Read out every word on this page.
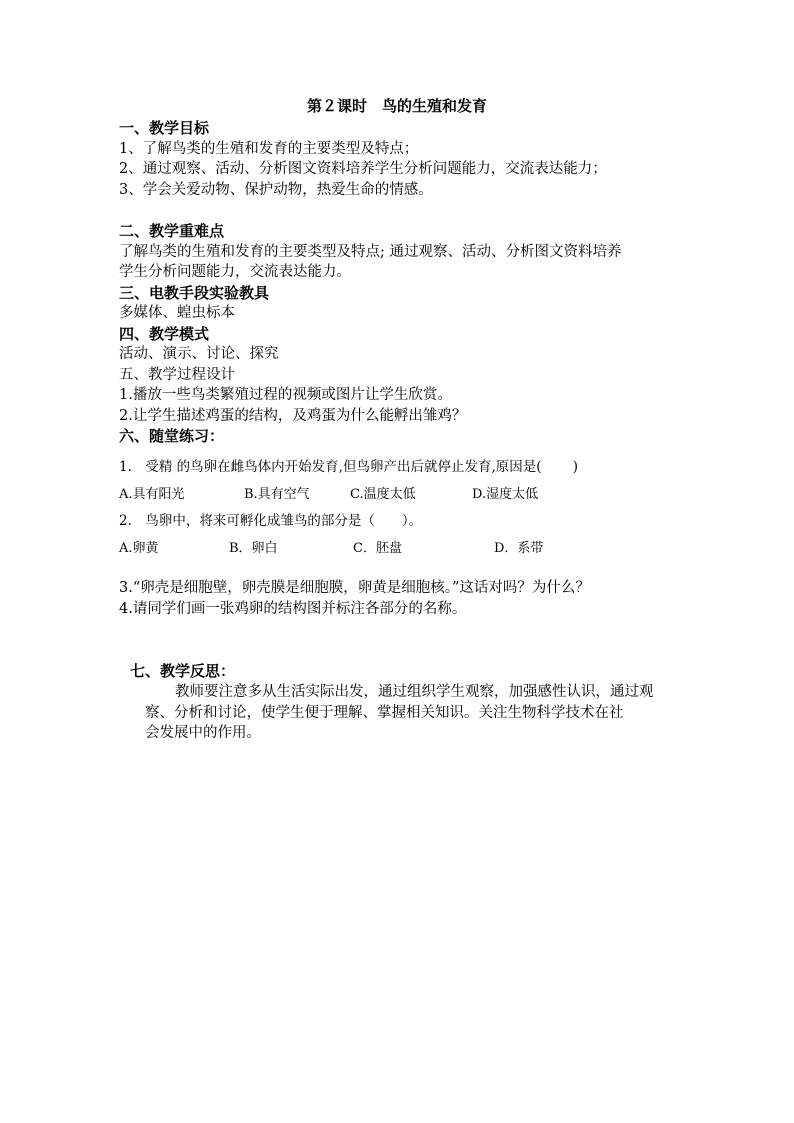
第２课时　鸟的生殖和发育
一、教学目标
1、了解鸟类的生殖和发育的主要类型及特点；
2、通过观察、活动、分析图文资料培养学生分析问题能力，交流表达能力；
3、学会关爱动物、保护动物，热爱生命的情感。
二、教学重难点
了解鸟类的生殖和发育的主要类型及特点; 通过观察、活动、分析图文资料培养
学生分析问题能力，交流表达能力。
三、电教手段实验教具
多媒体、蝗虫标本
四、教学模式
活动、演示、讨论、探究
五、教学过程设计
1.播放一些鸟类繁殖过程的视频或图片让学生欣赏。
2.让学生描述鸡蛋的结构，及鸡蛋为什么能孵出雏鸡？
六、随堂练习：
1． 受精 的鸟卵在雌鸟体内开始发育,但鸟卵产出后就停止发育,原因是(　　 )
A.具有阳光	B.具有空气	C.温度太低	D.湿度太低
2． 鸟卵中，将来可孵化成雏鸟的部分是（　　）。
A.卵黄	B．卵白	C．胚盘	D．系带
3.“卵壳是细胞壁，卵壳膜是细胞膜，卵黄是细胞核。”这话对吗？为什么？
4.请同学们画一张鸡卵的结构图并标注各部分的名称。
七、教学反思：
教师要注意多从生活实际出发，通过组织学生观察，加强感性认识，通过观
察、分析和讨论，使学生便于理解、掌握相关知识。关注生物科学技术在社
会发展中的作用。
